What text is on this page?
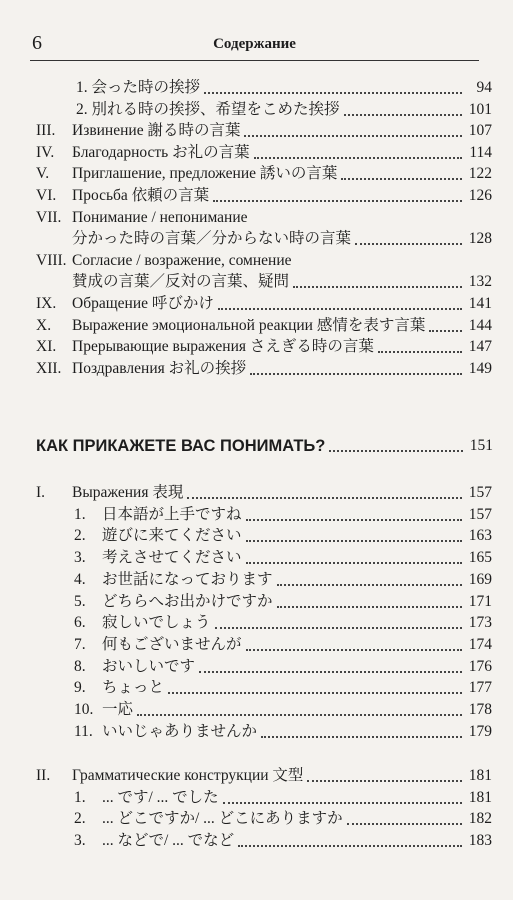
6	Содержание
1. 会った時の挨拶	94
2. 別れる時の挨拶、希望をこめた挨拶	101
III. Извинение 謝る時の言葉	107
IV. Благодарность お礼の言葉	114
V. Приглашение, предложение 誘いの言葉	122
VI. Просьба 依頼の言葉	126
VII. Понимание / непонимание
分かった時の言葉／分からない時の言葉	128
VIII. Согласие / возражение, сомнение
賛成の言葉／反対の言葉、疑問	132
IX. Обращение 呼びかけ	141
X. Выражение эмоциональной реакции 感情を表す言葉	144
XI. Прерывающие выражения さえぎる時の言葉	147
XII. Поздравления お礼の挨拶	149
КАК ПРИКАЖЕТЕ ВАС ПОНИМАТЬ?	151
I. Выражения 表現	157
1. 日本語が上手ですね	157
2. 遊びに来てください	163
3. 考えさせてください	165
4. お世話になっております	169
5. どちらへお出かけですか	171
6. 寂しいでしょう	173
7. 何もございませんが	174
8. おいしいです	176
9. ちょっと	177
10. 一応	178
11. いいじゃありませんか	179
II. Грамматические конструкции 文型	181
1. ... です/ ... でした	181
2. ... どこですか/ ... どこにありますか	182
3. ... などで/ ... でなど	183
